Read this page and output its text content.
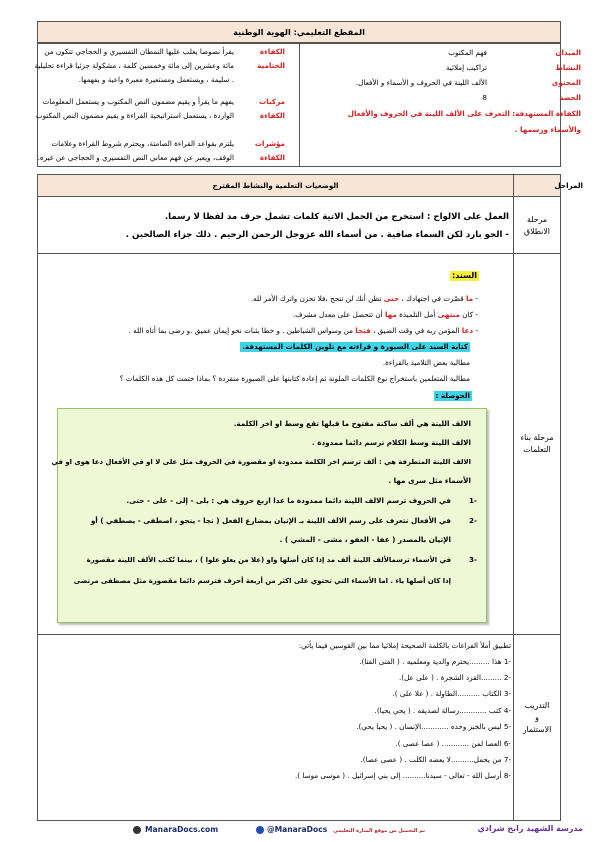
المقطع التعليمي: الهوية الوطنية
الميدان
فهم المكتوب
النشاط
تراكيب إملائية
المحتوى
الألف اللينة في الحروف و الأسماء و الأفعال.
الحصة
8
الكفاءة المستهدفة: التعرف على الألف اللينة في الحروف والأفعال
والأسماء ورسمها .
الكفاءة
يقرأ نصوصا يغلب عليها النمطان التفسيري و الحجاجي تتكون من
الختامية
مائة وعشرين إلى مائة وخمسين كلمة ، مشكولة جزئيا قراءة تحليلية
. سليمة ، ويستعمل ومستعيرة معبرة واعية و يفهمها.
مركبات
يفهم ما يقرأ و يقيم مضمون النص المكتوب و يستعمل المعلومات
الكفاءة
الواردة ، يستعمل استراتيجية القراءة و يقيم مضمون النص المكتوب
مؤشرات
يلتزم بقواعد القراءة الصامتة، ويحترم شروط القراءة وعلامات
الكفاءة
الوقف، ويعبر عن فهم معاني النص التفسيري و الحجاجي عن غيره.
المراحل
الوضعيات التعلمية والنشاط المقترح
مرحلة
الانطلاق
العمل على الالواح : استخرج من الجمل الاتية كلمات تشمل حرف مد لفظا لا رسما.
- الجو بارد لكن السماء صافية . من أسماء الله عزوجل الرحمن الرحيم . ذلك جزاء الصالحين .
مرحلة بناء
التعلمات
السند:
- ما قصّرت في اجتهادك ، حتى تظن أنك لن تنجح ،فلا تحزن واترك الأمر لله.
- كان منتهى أمل التلميذة مها أن تتحصل على معدل مشرف.
- دعا المؤمن ربه في وقت الضيق ، فنجا من وسواس الشياطين . و خطا بثبات نحو إيمان عميق .و رضى بما أتاه الله .
كتابة السند على السبورة و قراءته مع تلوين الكلمات المستهدفة.
مطالبة بعض التلاميذ بالقراءة.
مطالبة المتعلمين باستخراج نوع الكلمات الملونة ثم إعادة كتابتها على الصبورة منفردة ؟ بماذا ختمت كل هذه الكلمات ؟
الحوصلة :
الالف اللينة هي ألف ساكنة مفتوح ما قبلها تقع وسط او اخر الكلمة.
الالف اللينة وسط الكلام ترسم دائما ممدودة .
الالف اللينة المتطرفة هي : ألف ترسم اخر الكلمة ممدودة او مقصورة في الحروف مثل على لا او في الأفعال دعا هوى او في
الأسماء مثل سرى مها .
-1
في الحروف ترسم الالف اللينة دائما ممدودة ما عدا اربع حروف هي : بلى - إلى - على - حتى.
-2
في الأفعال نتعرف على رسم الالف اللينة بـ الإتيان بمضارع الفعل ( نجا - ينجو ، اصطفى - يصطفي ) أو
الإتيان بالمصدر ( عفا - العفو ، مشى - المشي ) .
-3
في الأسماء ترسمالألف اللينة ألف مد إذا كان أصلها واو (علا من يعلو علوا ) ، بينما تُكتب الألف اللينة مقصورة
إذا كان أصلها ياء . اما الأسماء التي تحتوي على اكثر من أربعة أحرف فترسم دائما مقصورة مثل مصطفى مرتضى
التدريب
و
الاستثمار
تطبيق أملأ الفراغات بالكلمة الصحيحة إملائيا مما بين القوسين فيما يأتي:
-1 هذا .........يحترم والدية ومعلميه . ( الفتى الفتا).
-2 .........القرد الشجرة . ( على عل).
-3 الكتاب ..........الطاولة . ( علا على ).
-4 كتب ............رسالة لصديقه . ( يحي يحيا).
-5 ليس بالخبز وحده ............الإنسان . ( يحيا يحي).
-6 العصا لمن ............ ( عصا عصى ).
-7 من يحمل..........لا يعضه الكلب . ( عصى عصا).
-8 أرسل الله - تعالى - سيدنا.......... إلى بني إسرائيل . ( موسى موسا ).
مدرسة الشهيد رابح شرادي
تم التحميل من موقع المنارة التعليمي
@ManaraDocs
ManaraDocs.com
